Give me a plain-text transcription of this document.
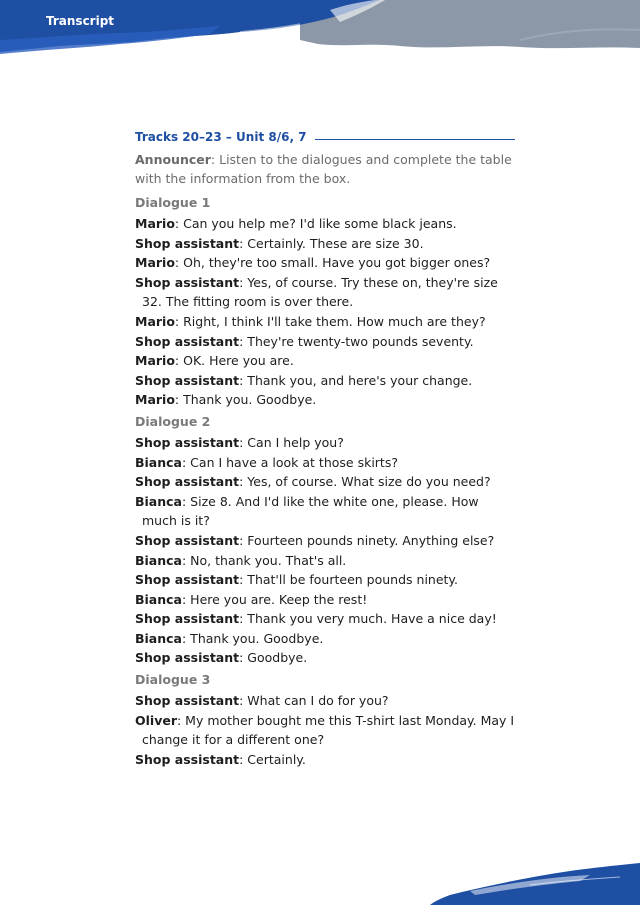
Transcript
Tracks 20–23 – Unit 8/6, 7

Announcer: Listen to the dialogues and complete the table with the information from the box.

Dialogue 1

Mario: Can you help me? I'd like some black jeans.

Shop assistant: Certainly. These are size 30.

Mario: Oh, they're too small. Have you got bigger ones?

Shop assistant: Yes, of course. Try these on, they're size 32. The fitting room is over there.

Mario: Right, I think I'll take them. How much are they?

Shop assistant: They're twenty-two pounds seventy.

Mario: OK. Here you are.

Shop assistant: Thank you, and here's your change.

Mario: Thank you. Goodbye.

Dialogue 2

Shop assistant: Can I help you?

Bianca: Can I have a look at those skirts?

Shop assistant: Yes, of course. What size do you need?

Bianca: Size 8. And I'd like the white one, please. How much is it?

Shop assistant: Fourteen pounds ninety. Anything else?

Bianca: No, thank you. That's all.

Shop assistant: That'll be fourteen pounds ninety.

Bianca: Here you are. Keep the rest!

Shop assistant: Thank you very much. Have a nice day!

Bianca: Thank you. Goodbye.

Shop assistant: Goodbye.

Dialogue 3

Shop assistant: What can I do for you?

Oliver: My mother bought me this T-shirt last Monday. May I change it for a different one?

Shop assistant: Certainly.
